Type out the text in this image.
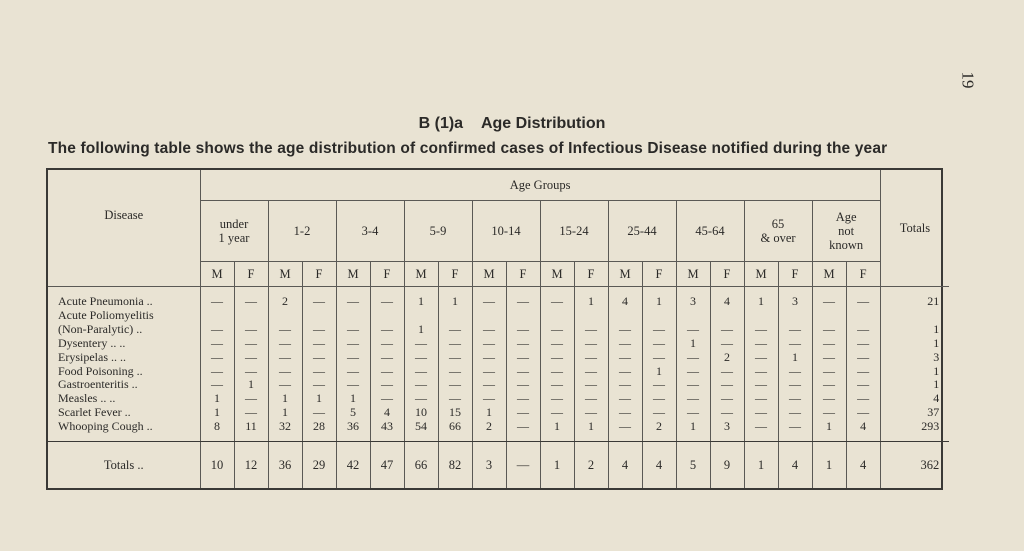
19
B (1)a Age Distribution
The following table shows the age distribution of confirmed cases of Infectious Disease notified during the year
Disease	Age Groups																				Totals
	under
1 year		1-2		3-4		5-9		10-14		15-24		25-44		45-64		65
& over		Age
not
known		
	M	F	M	F	M	F	M	F	M	F	M	F	M	F	M	F	M	F	M	F	

Acute Pneumonia ..	—	—	2	—	—	—	1	1	—	—	—	1	4	1	3	4	1	3	—	—	21
Acute Poliomyelitis																					
(Non-Paralytic) ..	—	—	—	—	—	—	1	—	—	—	—	—	—	—	—	—	—	—	—	—	1
Dysentery .. ..	—	—	—	—	—	—	—	—	—	—	—	—	—	—	1	—	—	—	—	—	1
Erysipelas .. ..	—	—	—	—	—	—	—	—	—	—	—	—	—	—	—	2	—	1	—	—	3
Food Poisoning ..	—	—	—	—	—	—	—	—	—	—	—	—	—	1	—	—	—	—	—	—	1
Gastroenteritis ..	—	1	—	—	—	—	—	—	—	—	—	—	—	—	—	—	—	—	—	—	1
Measles .. ..	1	—	1	1	1	—	—	—	—	—	—	—	—	—	—	—	—	—	—	—	4
Scarlet Fever ..	1	—	1	—	5	4	10	15	1	—	—	—	—	—	—	—	—	—	—	—	37
Whooping Cough ..	8	11	32	28	36	43	54	66	2	—	1	1	—	2	1	3	—	—	1	4	293

Totals ..	10	12	36	29	42	47	66	82	3	—	1	2	4	4	5	9	1	4	1	4	362
